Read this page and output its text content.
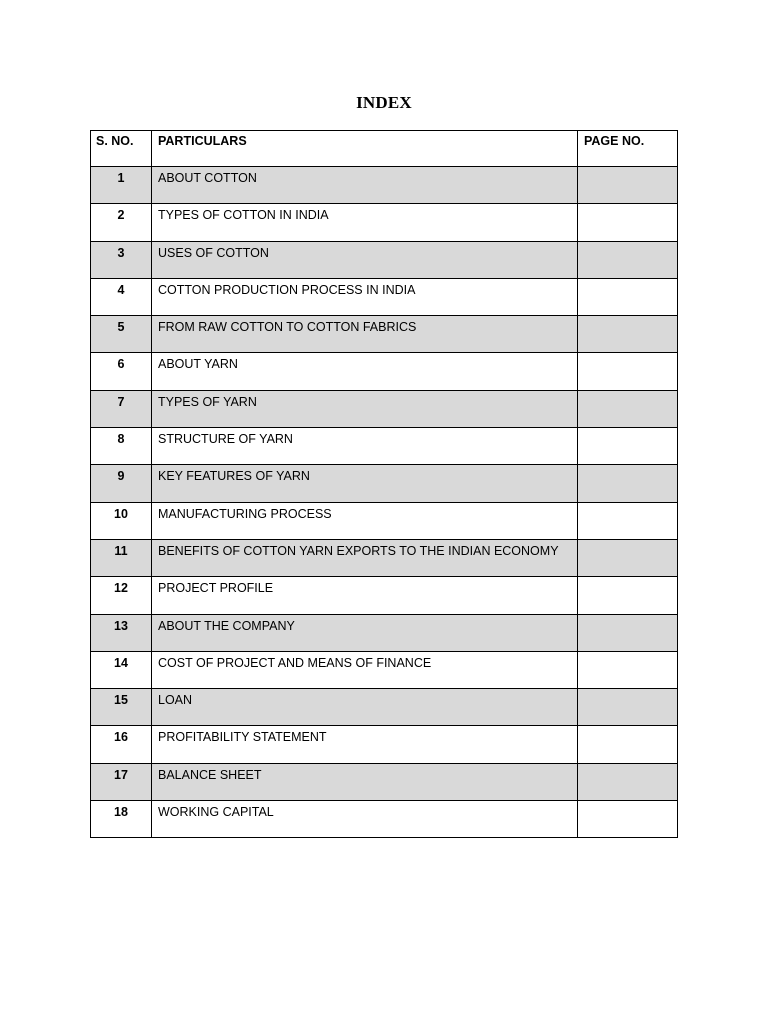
INDEX
S. NO.	PARTICULARS	PAGE NO.

1	ABOUT COTTON	

2	TYPES OF COTTON IN INDIA	

3	USES OF COTTON	

4	COTTON PRODUCTION PROCESS IN INDIA	

5	FROM RAW COTTON TO COTTON FABRICS	

6	ABOUT YARN	

7	TYPES OF YARN	

8	STRUCTURE OF YARN	

9	KEY FEATURES OF YARN	

10	MANUFACTURING PROCESS	

11	BENEFITS OF COTTON YARN EXPORTS TO THE INDIAN ECONOMY	

12	PROJECT PROFILE	

13	ABOUT THE COMPANY	

14	COST OF PROJECT AND MEANS OF FINANCE	

15	LOAN	

16	PROFITABILITY STATEMENT	

17	BALANCE SHEET	

18	WORKING CAPITAL	
